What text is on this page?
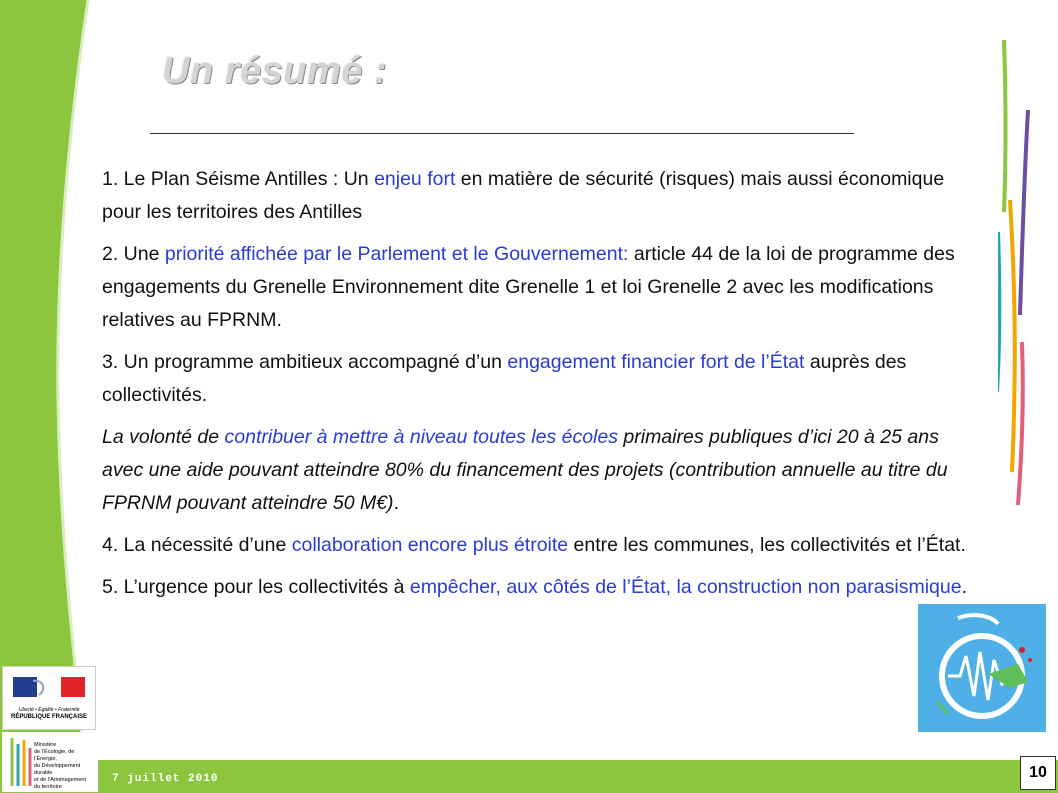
Un résumé :

1. Le Plan Séisme Antilles : Un enjeu fort en matière de sécurité (risques) mais aussi économique pour les territoires des Antilles

2. Une priorité affichée par le Parlement et le Gouvernement: article 44 de la loi de programme des engagements du Grenelle Environnement dite Grenelle 1 et loi Grenelle 2 avec les modifications relatives au FPRNM.

3. Un programme ambitieux accompagné d’un engagement financier fort de l’État auprès des collectivités.

La volonté de contribuer à mettre à niveau toutes les écoles primaires publiques d’ici 20 à 25 ans avec une aide pouvant atteindre 80% du financement des projets (contribution annuelle au titre du FPRNM pouvant atteindre 50 M€).

4. La nécessité d’une collaboration encore plus étroite entre les communes, les collectivités et l’État.

5. L’urgence pour les collectivités à empêcher, aux côtés de l’État, la construction non parasismique.

7 juillet 2010	10
Liberté • Égalité • Fraternité
RÉPUBLIQUE FRANÇAISE
Ministère
de l’Écologie, de l’Énergie,
du Développement durable
et de l’Aménagement
du territoire
